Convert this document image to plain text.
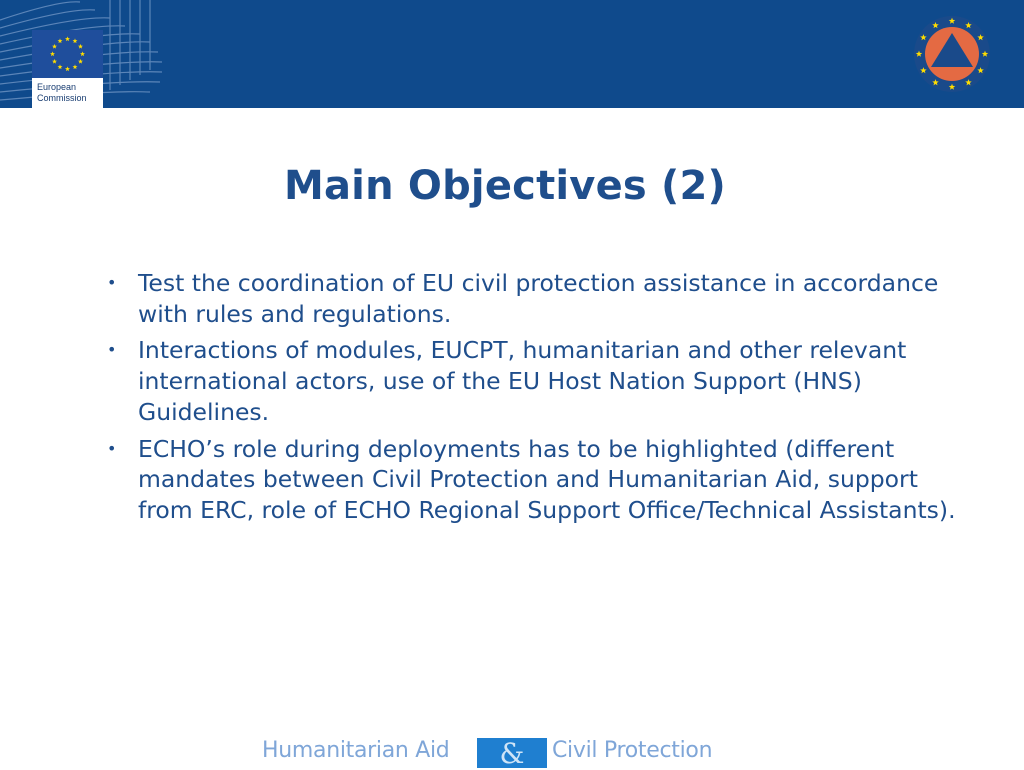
European
Commission
Main Objectives (2)
• Test the coordination of EU civil protection assistance in accordance with rules and regulations.
• Interactions of modules, EUCPT, humanitarian and other relevant international actors, use of the EU Host Nation Support (HNS) Guidelines.
• ECHO’s role during deployments has to be highlighted (different mandates between Civil Protection and Humanitarian Aid, support from ERC, role of ECHO Regional Support Office/Technical Assistants).
Humanitarian Aid	&	Civil Protection
